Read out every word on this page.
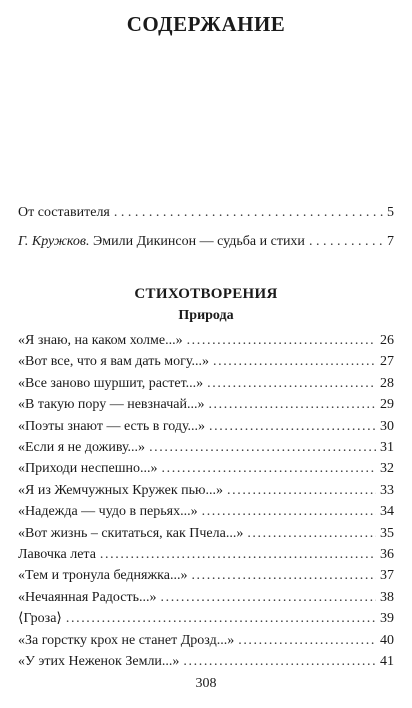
СОДЕРЖАНИЕ
От составителя . . .	5
Г. Кружков. Эмили Дикинсон — судьба и стихи . . .	7
СТИХОТВОРЕНИЯ
Природа
«Я знаю, на каком холме...» .....	26
«Вот все, что я вам дать могу...» .....	27
«Все заново шуршит, растет...» .....	28
«В такую пору — невзначай...» .....	29
«Поэты знают — есть в году...» .....	30
«Если я не доживу...» .....	31
«Приходи неспешно...» .....	32
«Я из Жемчужных Кружек пью...» .....	33
«Надежда — чудо в перьях...» .....	34
«Вот жизнь – скитаться, как Пчела...» .....	35
Лавочка лета .....	36
«Тем и тронула бедняжка...» .....	37
«Нечаянная Радость...» .....	38
⟨Гроза⟩ .....	39
«За горстку крох не станет Дрозд...» .....	40
«У этих Неженок Земли...» .....	41
308
